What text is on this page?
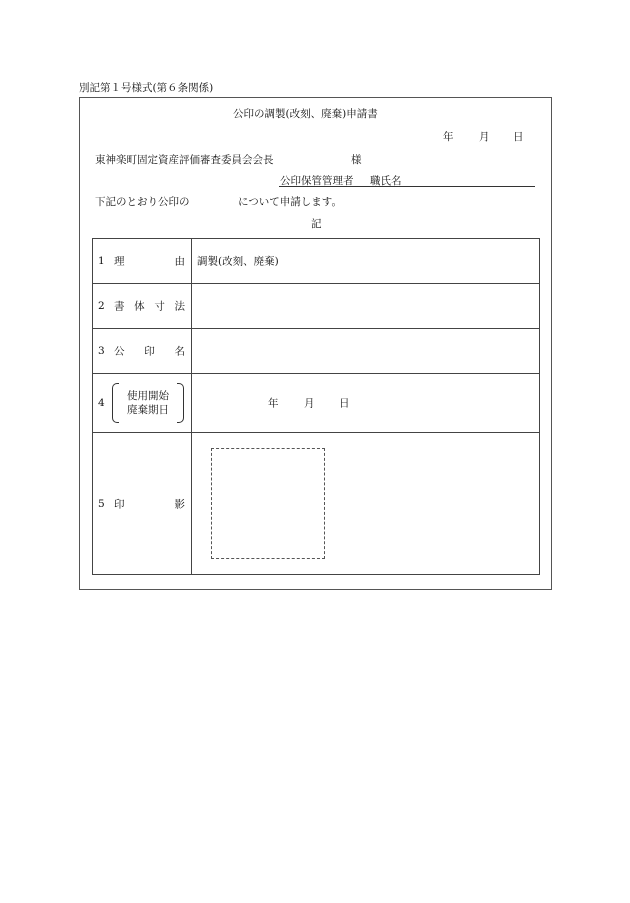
別記第１号様式(第６条関係)
公印の調製(改刻、廃棄)申請書
年 月 日
東神楽町固定資産評価審査委員会会長	様
公印保管管理者 職氏名
下記のとおり公印の	について申請します。
記
1 理 由	調製(改刻、廃棄)

2 書 体 寸 法	

3 公 印 名	

4
使用開始
廃棄期日	年 月 日

5 印 影	
